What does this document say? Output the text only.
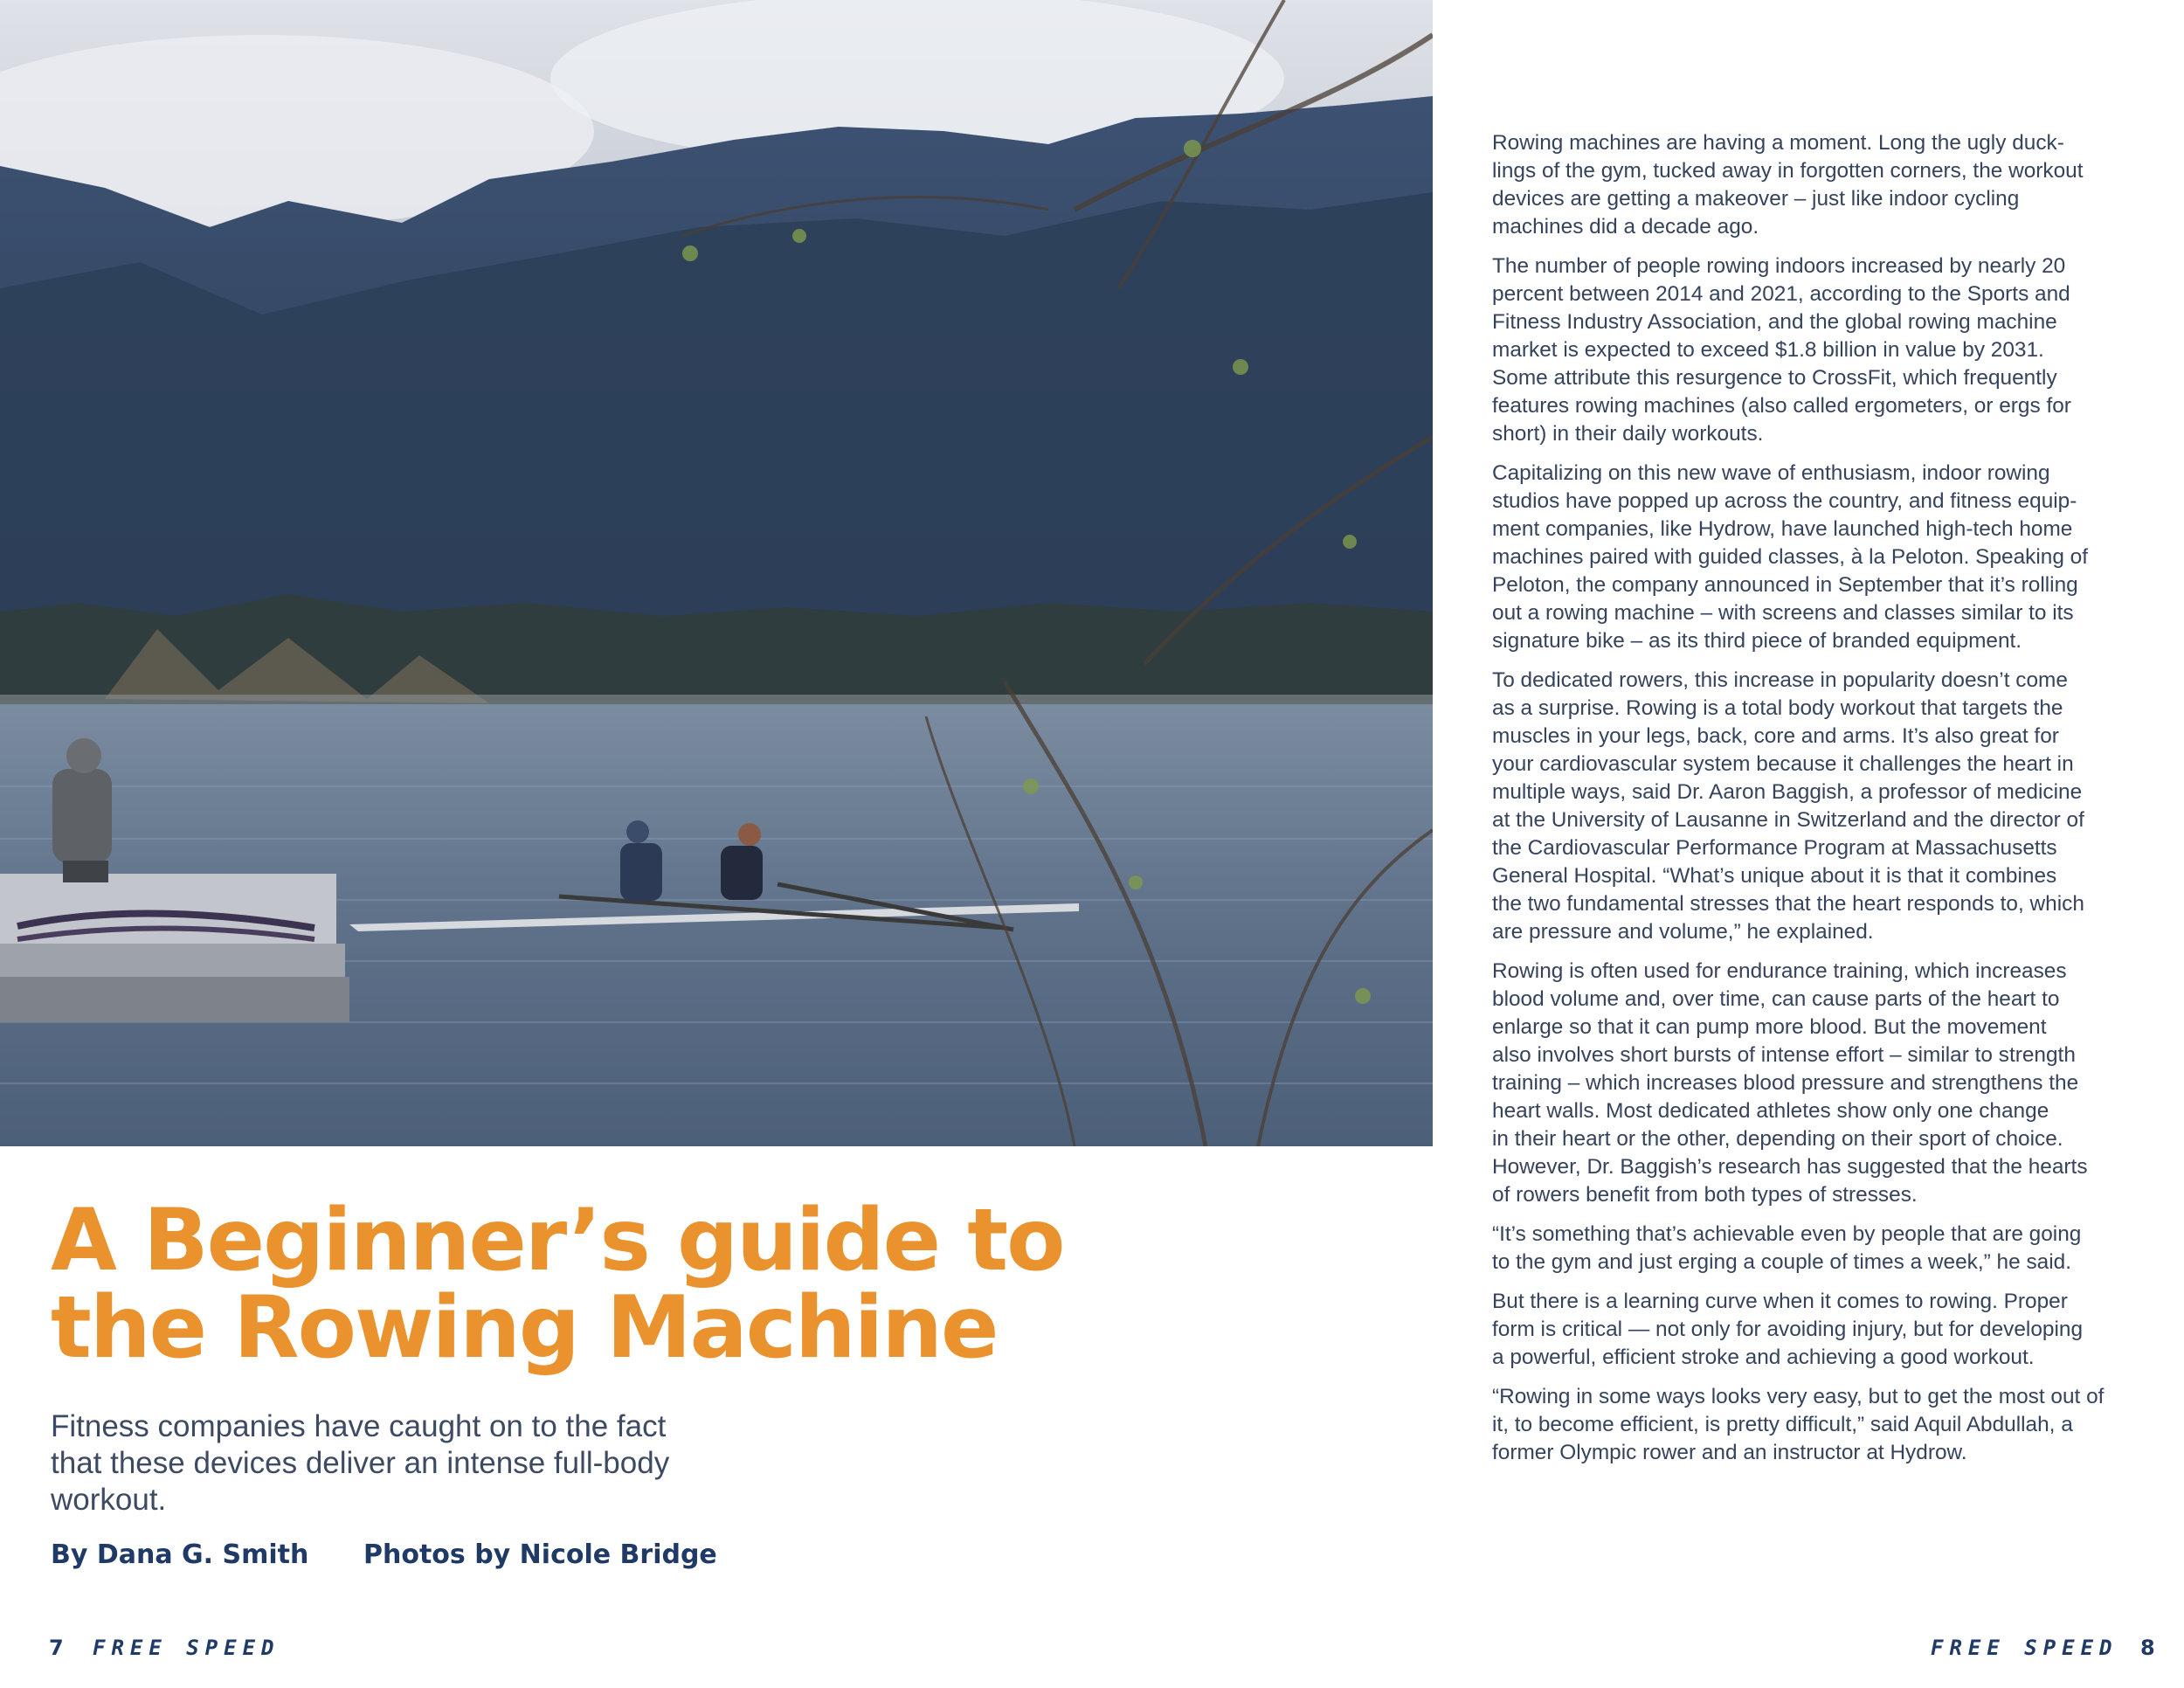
A Beginner’s guide to
the Rowing Machine
Fitness companies have caught on to the fact
that these devices deliver an intense full-body
workout.
By Dana G. Smith Photos by Nicole Bridge

Rowing machines are having a moment. Long the ugly duck-
lings of the gym, tucked away in forgotten corners, the workout
devices are getting a makeover – just like indoor cycling
machines did a decade ago.

The number of people rowing indoors increased by nearly 20
percent between 2014 and 2021, according to the Sports and
Fitness Industry Association, and the global rowing machine
market is expected to exceed $1.8 billion in value by 2031.
Some attribute this resurgence to CrossFit, which frequently
features rowing machines (also called ergometers, or ergs for
short) in their daily workouts.

Capitalizing on this new wave of enthusiasm, indoor rowing
studios have popped up across the country, and fitness equip-
ment companies, like Hydrow, have launched high-tech home
machines paired with guided classes, à la Peloton. Speaking of
Peloton, the company announced in September that it’s rolling
out a rowing machine – with screens and classes similar to its
signature bike – as its third piece of branded equipment.

To dedicated rowers, this increase in popularity doesn’t come
as a surprise. Rowing is a total body workout that targets the
muscles in your legs, back, core and arms. It’s also great for
your cardiovascular system because it challenges the heart in
multiple ways, said Dr. Aaron Baggish, a professor of medicine
at the University of Lausanne in Switzerland and the director of
the Cardiovascular Performance Program at Massachusetts
General Hospital. “What’s unique about it is that it combines
the two fundamental stresses that the heart responds to, which
are pressure and volume,” he explained.

Rowing is often used for endurance training, which increases
blood volume and, over time, can cause parts of the heart to
enlarge so that it can pump more blood. But the movement
also involves short bursts of intense effort – similar to strength
training – which increases blood pressure and strengthens the
heart walls. Most dedicated athletes show only one change
in their heart or the other, depending on their sport of choice.
However, Dr. Baggish’s research has suggested that the hearts
of rowers benefit from both types of stresses.

“It’s something that’s achievable even by people that are going
to the gym and just erging a couple of times a week,” he said.

But there is a learning curve when it comes to rowing. Proper
form is critical — not only for avoiding injury, but for developing
a powerful, efficient stroke and achieving a good workout.

“Rowing in some ways looks very easy, but to get the most out of
it, to become efficient, is pretty difficult,” said Aquil Abdullah, a
former Olympic rower and an instructor at Hydrow.

7 FREE SPEED	FREE SPEED 8
